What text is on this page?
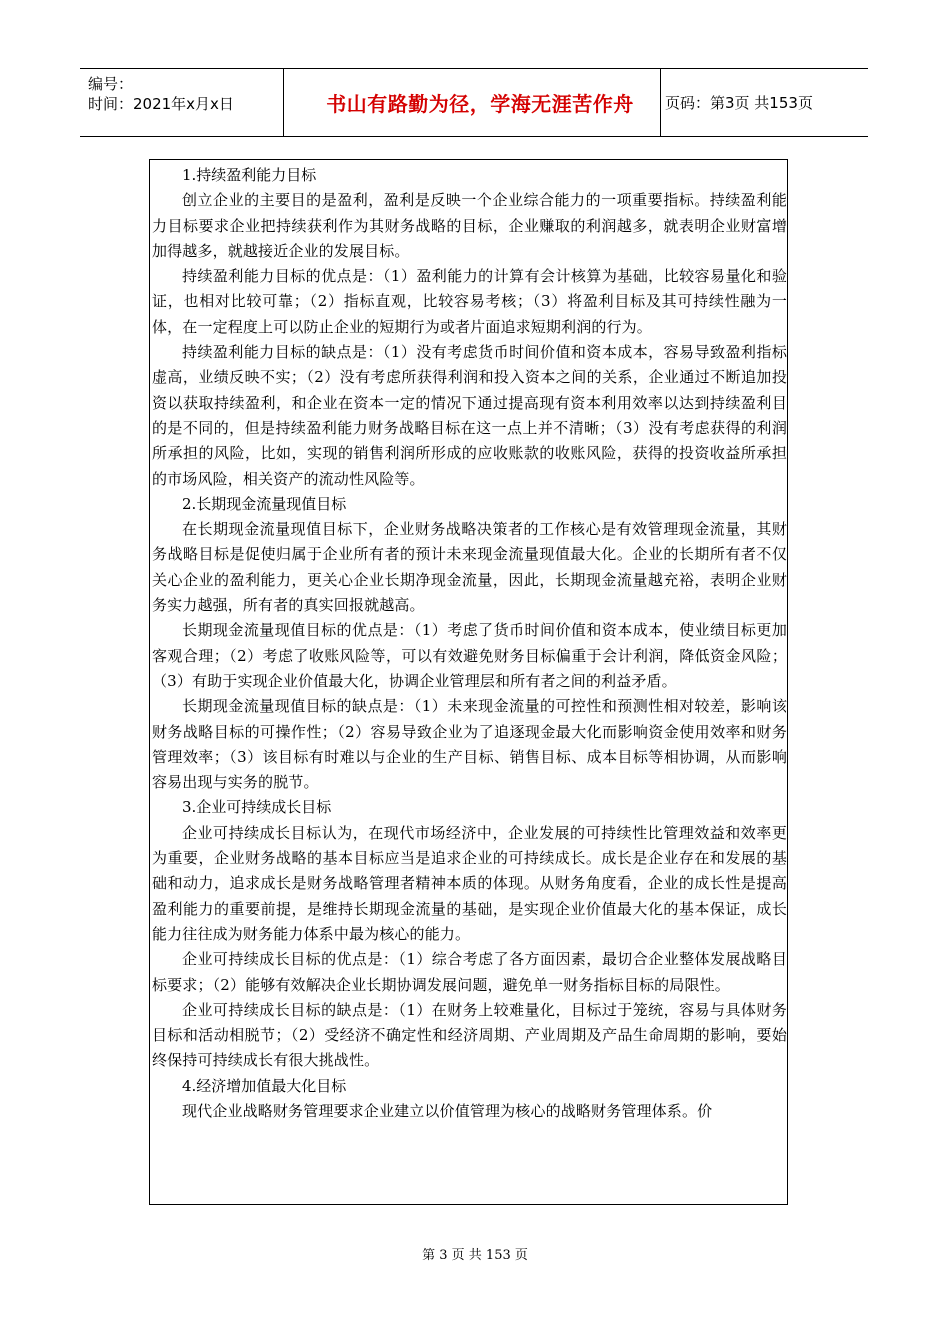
编号：
时间：2021年x月x日	书山有路勤为径，学海无涯苦作舟	页码：第3页 共153页

1.持续盈利能力目标

创立企业的主要目的是盈利，盈利是反映一个企业综合能力的一项重要指标。持续盈利能力目标要求企业把持续获利作为其财务战略的目标，企业赚取的利润越多，就表明企业财富增加得越多，就越接近企业的发展目标。

持续盈利能力目标的优点是：（1）盈利能力的计算有会计核算为基础，比较容易量化和验证，也相对比较可靠；（2）指标直观，比较容易考核；（3）将盈利目标及其可持续性融为一体，在一定程度上可以防止企业的短期行为或者片面追求短期利润的行为。

持续盈利能力目标的缺点是：（1）没有考虑货币时间价值和资本成本，容易导致盈利指标虚高，业绩反映不实；（2）没有考虑所获得利润和投入资本之间的关系，企业通过不断追加投资以获取持续盈利，和企业在资本一定的情况下通过提高现有资本利用效率以达到持续盈利目的是不同的，但是持续盈利能力财务战略目标在这一点上并不清晰；（3）没有考虑获得的利润所承担的风险，比如，实现的销售利润所形成的应收账款的收账风险，获得的投资收益所承担的市场风险，相关资产的流动性风险等。

2.长期现金流量现值目标

在长期现金流量现值目标下，企业财务战略决策者的工作核心是有效管理现金流量，其财务战略目标是促使归属于企业所有者的预计未来现金流量现值最大化。企业的长期所有者不仅关心企业的盈利能力，更关心企业长期净现金流量，因此，长期现金流量越充裕，表明企业财务实力越强，所有者的真实回报就越高。

长期现金流量现值目标的优点是：（1）考虑了货币时间价值和资本成本，使业绩目标更加客观合理；（2）考虑了收账风险等，可以有效避免财务目标偏重于会计利润，降低资金风险；（3）有助于实现企业价值最大化，协调企业管理层和所有者之间的利益矛盾。

长期现金流量现值目标的缺点是：（1）未来现金流量的可控性和预测性相对较差，影响该财务战略目标的可操作性；（2）容易导致企业为了追逐现金最大化而影响资金使用效率和财务管理效率；（3）该目标有时难以与企业的生产目标、销售目标、成本目标等相协调，从而影响容易出现与实务的脱节。

3.企业可持续成长目标

企业可持续成长目标认为，在现代市场经济中，企业发展的可持续性比管理效益和效率更为重要，企业财务战略的基本目标应当是追求企业的可持续成长。成长是企业存在和发展的基础和动力，追求成长是财务战略管理者精神本质的体现。从财务角度看，企业的成长性是提高盈利能力的重要前提，是维持长期现金流量的基础，是实现企业价值最大化的基本保证，成长能力往往成为财务能力体系中最为核心的能力。

企业可持续成长目标的优点是：（1）综合考虑了各方面因素，最切合企业整体发展战略目标要求；（2）能够有效解决企业长期协调发展问题，避免单一财务指标目标的局限性。

企业可持续成长目标的缺点是：（1）在财务上较难量化，目标过于笼统，容易与具体财务目标和活动相脱节；（2）受经济不确定性和经济周期、产业周期及产品生命周期的影响，要始终保持可持续成长有很大挑战性。

4.经济增加值最大化目标

现代企业战略财务管理要求企业建立以价值管理为核心的战略财务管理体系。价

第 3 页 共 153 页
